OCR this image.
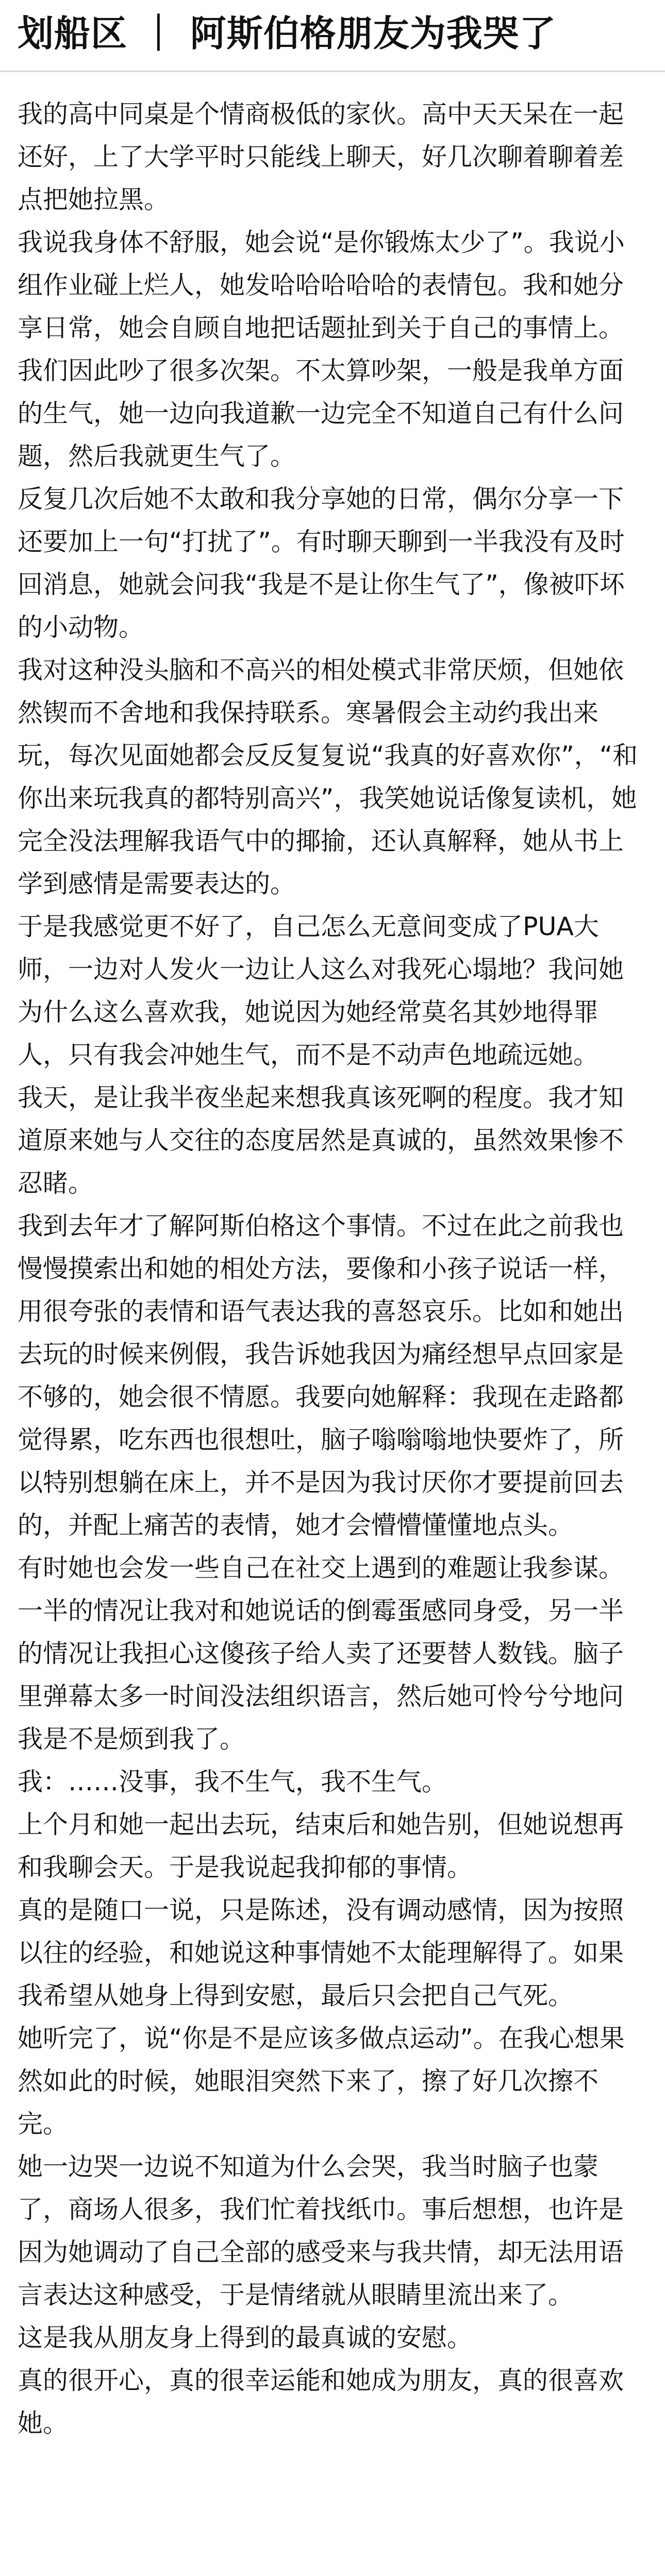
划船区 ｜ 阿斯伯格朋友为我哭了

我的高中同桌是个情商极低的家伙。高中天天呆在一起还好，上了大学平时只能线上聊天，好几次聊着聊着差点把她拉黑。

我说我身体不舒服，她会说“是你锻炼太少了”。我说小组作业碰上烂人，她发哈哈哈哈哈的表情包。我和她分享日常，她会自顾自地把话题扯到关于自己的事情上。

我们因此吵了很多次架。不太算吵架，一般是我单方面的生气，她一边向我道歉一边完全不知道自己有什么问题，然后我就更生气了。

反复几次后她不太敢和我分享她的日常，偶尔分享一下还要加上一句“打扰了”。有时聊天聊到一半我没有及时回消息，她就会问我“我是不是让你生气了”，像被吓坏的小动物。

我对这种没头脑和不高兴的相处模式非常厌烦，但她依然锲而不舍地和我保持联系。寒暑假会主动约我出来玩，每次见面她都会反反复复说“我真的好喜欢你”，“和你出来玩我真的都特别高兴”，我笑她说话像复读机，她完全没法理解我语气中的揶揄，还认真解释，她从书上学到感情是需要表达的。

于是我感觉更不好了，自己怎么无意间变成了PUA大师，一边对人发火一边让人这么对我死心塌地？我问她为什么这么喜欢我，她说因为她经常莫名其妙地得罪人，只有我会冲她生气，而不是不动声色地疏远她。

我天，是让我半夜坐起来想我真该死啊的程度。我才知道原来她与人交往的态度居然是真诚的，虽然效果惨不忍睹。

我到去年才了解阿斯伯格这个事情。不过在此之前我也慢慢摸索出和她的相处方法，要像和小孩子说话一样，用很夸张的表情和语气表达我的喜怒哀乐。比如和她出去玩的时候来例假，我告诉她我因为痛经想早点回家是不够的，她会很不情愿。我要向她解释：我现在走路都觉得累，吃东西也很想吐，脑子嗡嗡嗡地快要炸了，所以特别想躺在床上，并不是因为我讨厌你才要提前回去的，并配上痛苦的表情，她才会懵懵懂懂地点头。

有时她也会发一些自己在社交上遇到的难题让我参谋。一半的情况让我对和她说话的倒霉蛋感同身受，另一半的情况让我担心这傻孩子给人卖了还要替人数钱。脑子里弹幕太多一时间没法组织语言，然后她可怜兮兮地问我是不是烦到我了。

我：……没事，我不生气，我不生气。

上个月和她一起出去玩，结束后和她告别，但她说想再和我聊会天。于是我说起我抑郁的事情。

真的是随口一说，只是陈述，没有调动感情，因为按照以往的经验，和她说这种事情她不太能理解得了。如果我希望从她身上得到安慰，最后只会把自己气死。

她听完了，说“你是不是应该多做点运动”。在我心想果然如此的时候，她眼泪突然下来了，擦了好几次擦不完。

她一边哭一边说不知道为什么会哭，我当时脑子也蒙了，商场人很多，我们忙着找纸巾。事后想想，也许是因为她调动了自己全部的感受来与我共情，却无法用语言表达这种感受，于是情绪就从眼睛里流出来了。

这是我从朋友身上得到的最真诚的安慰。

真的很开心，真的很幸运能和她成为朋友，真的很喜欢她。
